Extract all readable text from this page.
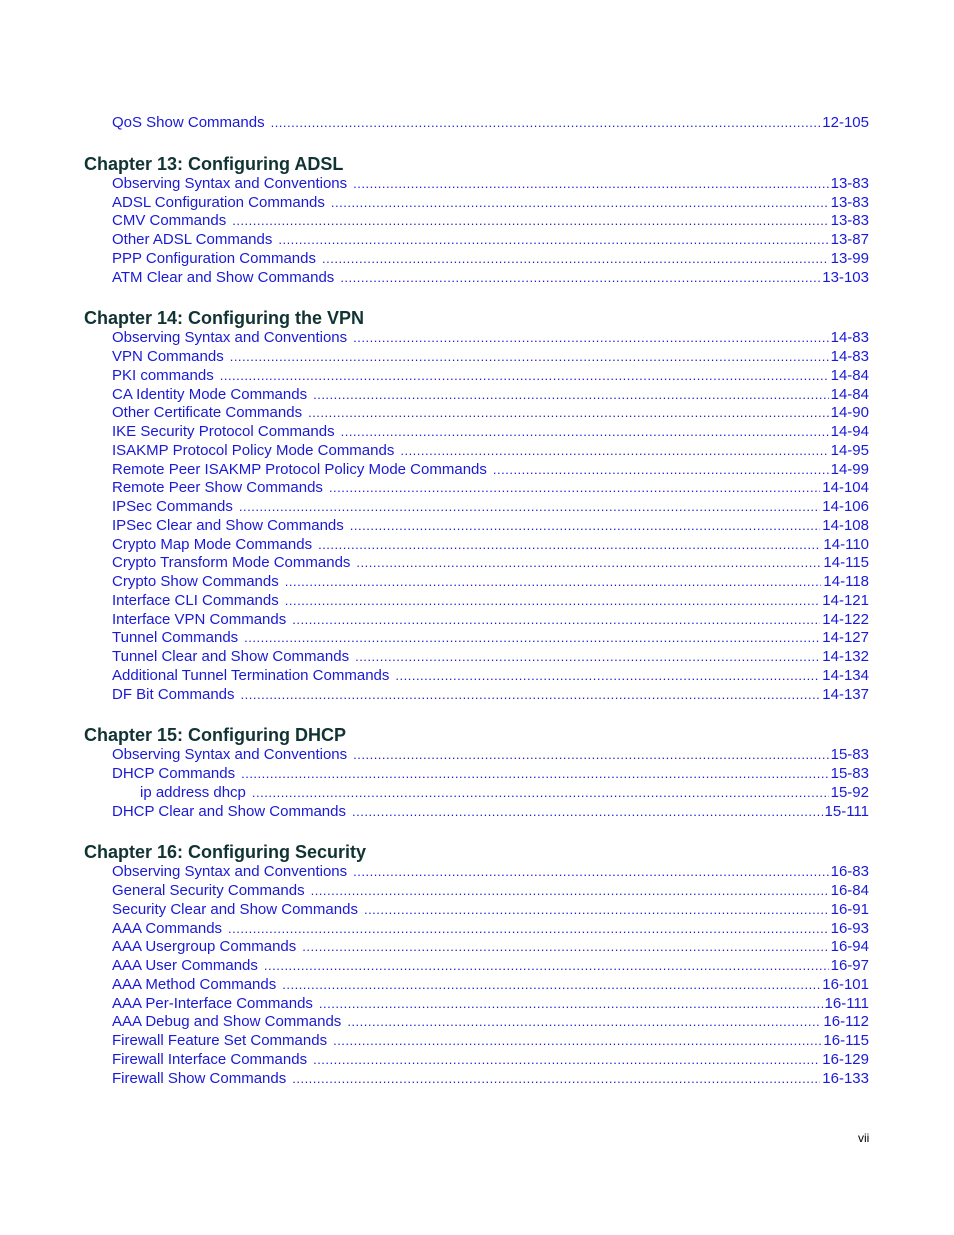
QoS Show Commands .....	12-105
Chapter 13: Configuring ADSL
Observing Syntax and Conventions .....	13-83
ADSL Configuration Commands .....	13-83
CMV Commands .....	13-83
Other ADSL Commands .....	13-87
PPP Configuration Commands .....	13-99
ATM Clear and Show Commands .....	13-103
Chapter 14: Configuring the VPN
Observing Syntax and Conventions .....	14-83
VPN Commands .....	14-83
PKI commands .....	14-84
CA Identity Mode Commands .....	14-84
Other Certificate Commands .....	14-90
IKE Security Protocol Commands .....	14-94
ISAKMP Protocol Policy Mode Commands .....	14-95
Remote Peer ISAKMP Protocol Policy Mode Commands .....	14-99
Remote Peer Show Commands .....	14-104
IPSec Commands .....	14-106
IPSec Clear and Show Commands .....	14-108
Crypto Map Mode Commands .....	14-110
Crypto Transform Mode Commands .....	14-115
Crypto Show Commands .....	14-118
Interface CLI Commands .....	14-121
Interface VPN Commands .....	14-122
Tunnel Commands .....	14-127
Tunnel Clear and Show Commands .....	14-132
Additional Tunnel Termination Commands .....	14-134
DF Bit Commands .....	14-137
Chapter 15: Configuring DHCP
Observing Syntax and Conventions .....	15-83
DHCP Commands .....	15-83
ip address dhcp .....	15-92
DHCP Clear and Show Commands .....	15-111
Chapter 16: Configuring Security
Observing Syntax and Conventions .....	16-83
General Security Commands .....	16-84
Security Clear and Show Commands .....	16-91
AAA Commands .....	16-93
AAA Usergroup Commands .....	16-94
AAA User Commands .....	16-97
AAA Method Commands .....	16-101
AAA Per-Interface Commands .....	16-111
AAA Debug and Show Commands .....	16-112
Firewall Feature Set Commands .....	16-115
Firewall Interface Commands .....	16-129
Firewall Show Commands .....	16-133
vii
